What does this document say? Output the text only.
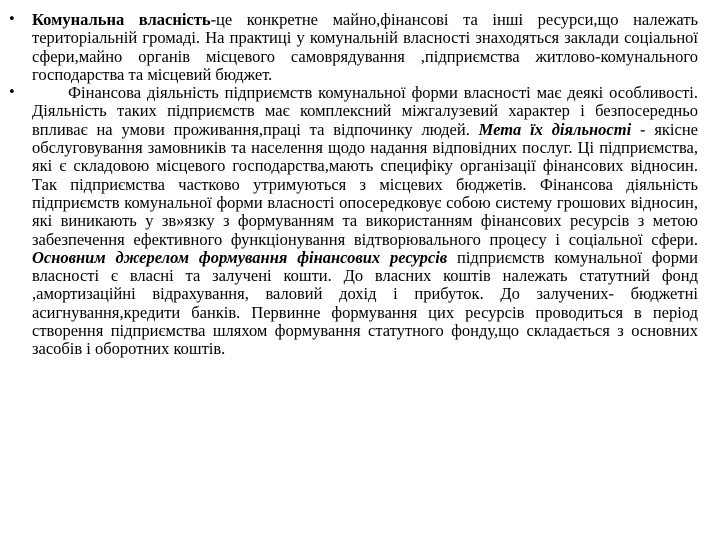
• Комунальна власність-це конкретне майно,фінансові та інші ресурси,що належать територіальній громаді. На практиці у комунальній власності знаходяться заклади соціальної сфери,майно органів місцевого самоврядування ,підприємства житлово-комунального господарства та місцевий бюджет.
•	Фінансова діяльність підприємств комунальної форми власності має деякі особливості. Діяльність таких підприємств має комплексний міжгалузевий характер і безпосередньо впливає на умови проживання,праці та відпочинку людей. Мета їх діяльності - якісне обслуговування замовників та населення щодо надання відповідних послуг. Ці підприємства, які є складовою місцевого господарства,мають специфіку організації фінансових відносин. Так підприємства частково утримуються з місцевих бюджетів. Фінансова діяльність підприємств комунальної форми власності опосередковує собою систему грошових відносин, які виникають у зв»язку з формуванням та використанням фінансових ресурсів з метою забезпечення ефективного функціонування відтворювального процесу і соціальної сфери. Основним джерелом формування фінансових ресурсів підприємств комунальної форми власності є власні та залучені кошти. До власних коштів належать статутний фонд ,амортизаційні відрахування, валовий дохід і прибуток. До залучених- бюджетні асигнування,кредити банків. Первинне формування цих ресурсів проводиться в період створення підприємства шляхом формування статутного фонду,що складається з основних засобів і оборотних коштів.
